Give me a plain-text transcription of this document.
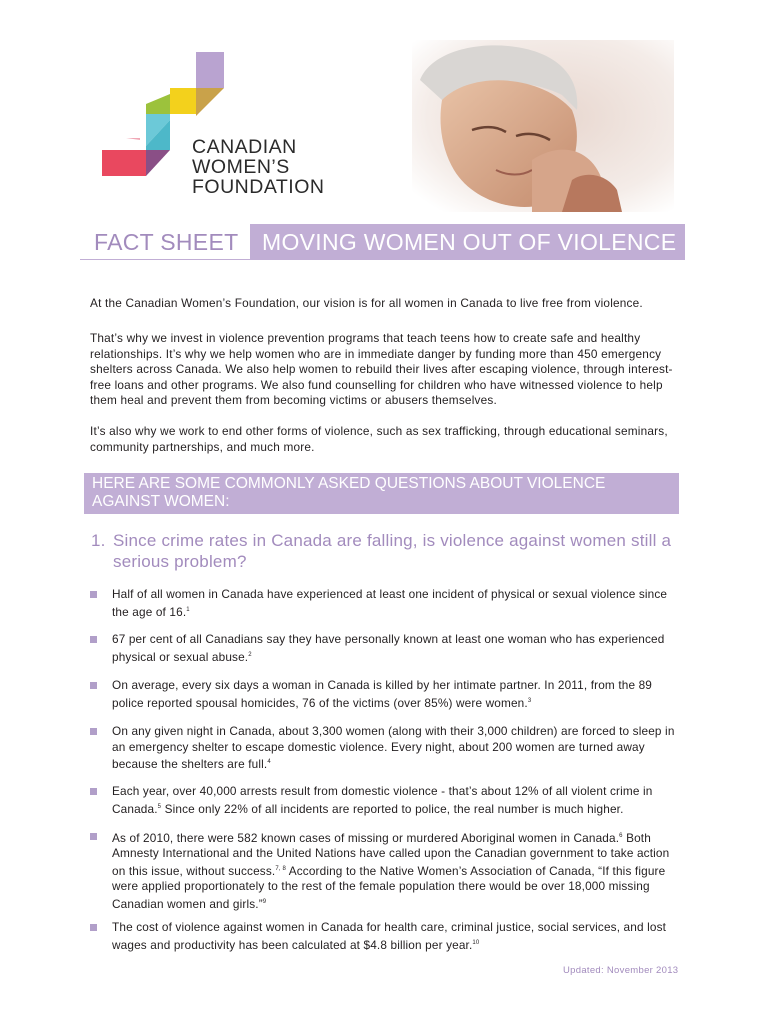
CANADIAN
WOMEN’S
FOUNDATION
FACT SHEET MOVING WOMEN OUT OF VIOLENCE

At the Canadian Women’s Foundation, our vision is for all women in Canada to live free from violence.

That’s why we invest in violence prevention programs that teach teens how to create safe and healthy relationships. It’s why we help women who are in immediate danger by funding more than 450 emergency shelters across Canada. We also help women to rebuild their lives after escaping violence, through interest-free loans and other programs. We also fund counselling for children who have witnessed violence to help them heal and prevent them from becoming victims or abusers themselves.

It’s also why we work to end other forms of violence, such as sex trafficking, through educational seminars, community partnerships, and much more.

HERE ARE SOME COMMONLY ASKED QUESTIONS ABOUT VIOLENCE AGAINST WOMEN:
1. Since crime rates in Canada are falling, is violence against women still a serious problem?
Half of all women in Canada have experienced at least one incident of physical or sexual violence since the age of 16.$^1$
67 per cent of all Canadians say they have personally known at least one woman who has experienced physical or sexual abuse.$^2$
On average, every six days a woman in Canada is killed by her intimate partner. In 2011, from the 89 police reported spousal homicides, 76 of the victims (over 85%) were women.$^3$
On any given night in Canada, about 3,300 women (along with their 3,000 children) are forced to sleep in an emergency shelter to escape domestic violence. Every night, about 200 women are turned away because the shelters are full.$^4$
Each year, over 40,000 arrests result from domestic violence - that’s about 12% of all violent crime in Canada.$^5$ Since only 22% of all incidents are reported to police, the real number is much higher.
As of 2010, there were 582 known cases of missing or murdered Aboriginal women in Canada.$^6$ Both Amnesty International and the United Nations have called upon the Canadian government to take action on this issue, without success.$^{7, 8}$ According to the Native Women’s Association of Canada, “If this figure were applied proportionately to the rest of the female population there would be over 18,000 missing Canadian women and girls.”$^9$
The cost of violence against women in Canada for health care, criminal justice, social services, and lost wages and productivity has been calculated at $4.8 billion per year.$^{10}$
Updated: November 2013
